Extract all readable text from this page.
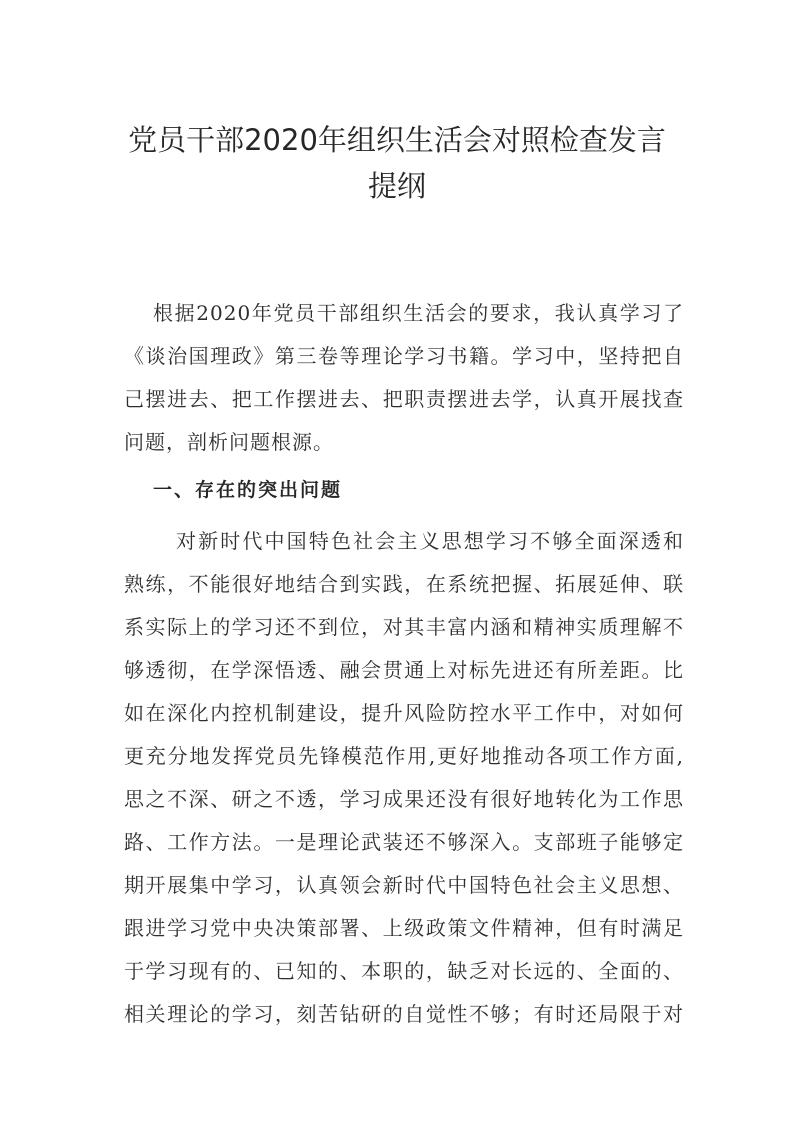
党员干部2020年组织生活会对照检查发言
提纲
根据2020年党员干部组织生活会的要求，我认真学习了
《谈治国理政》第三卷等理论学习书籍。学习中，坚持把自
己摆进去、把工作摆进去、把职责摆进去学，认真开展找查
问题，剖析问题根源。
一、存在的突出问题
对新时代中国特色社会主义思想学习不够全面深透和
熟练，不能很好地结合到实践，在系统把握、拓展延伸、联
系实际上的学习还不到位，对其丰富内涵和精神实质理解不
够透彻，在学深悟透、融会贯通上对标先进还有所差距。比
如在深化内控机制建设，提升风险防控水平工作中，对如何
更充分地发挥党员先锋模范作用,更好地推动各项工作方面,
思之不深、研之不透，学习成果还没有很好地转化为工作思
路、工作方法。一是理论武装还不够深入。支部班子能够定
期开展集中学习，认真领会新时代中国特色社会主义思想、
跟进学习党中央决策部署、上级政策文件精神，但有时满足
于学习现有的、已知的、本职的，缺乏对长远的、全面的、
相关理论的学习，刻苦钻研的自觉性不够；有时还局限于对
